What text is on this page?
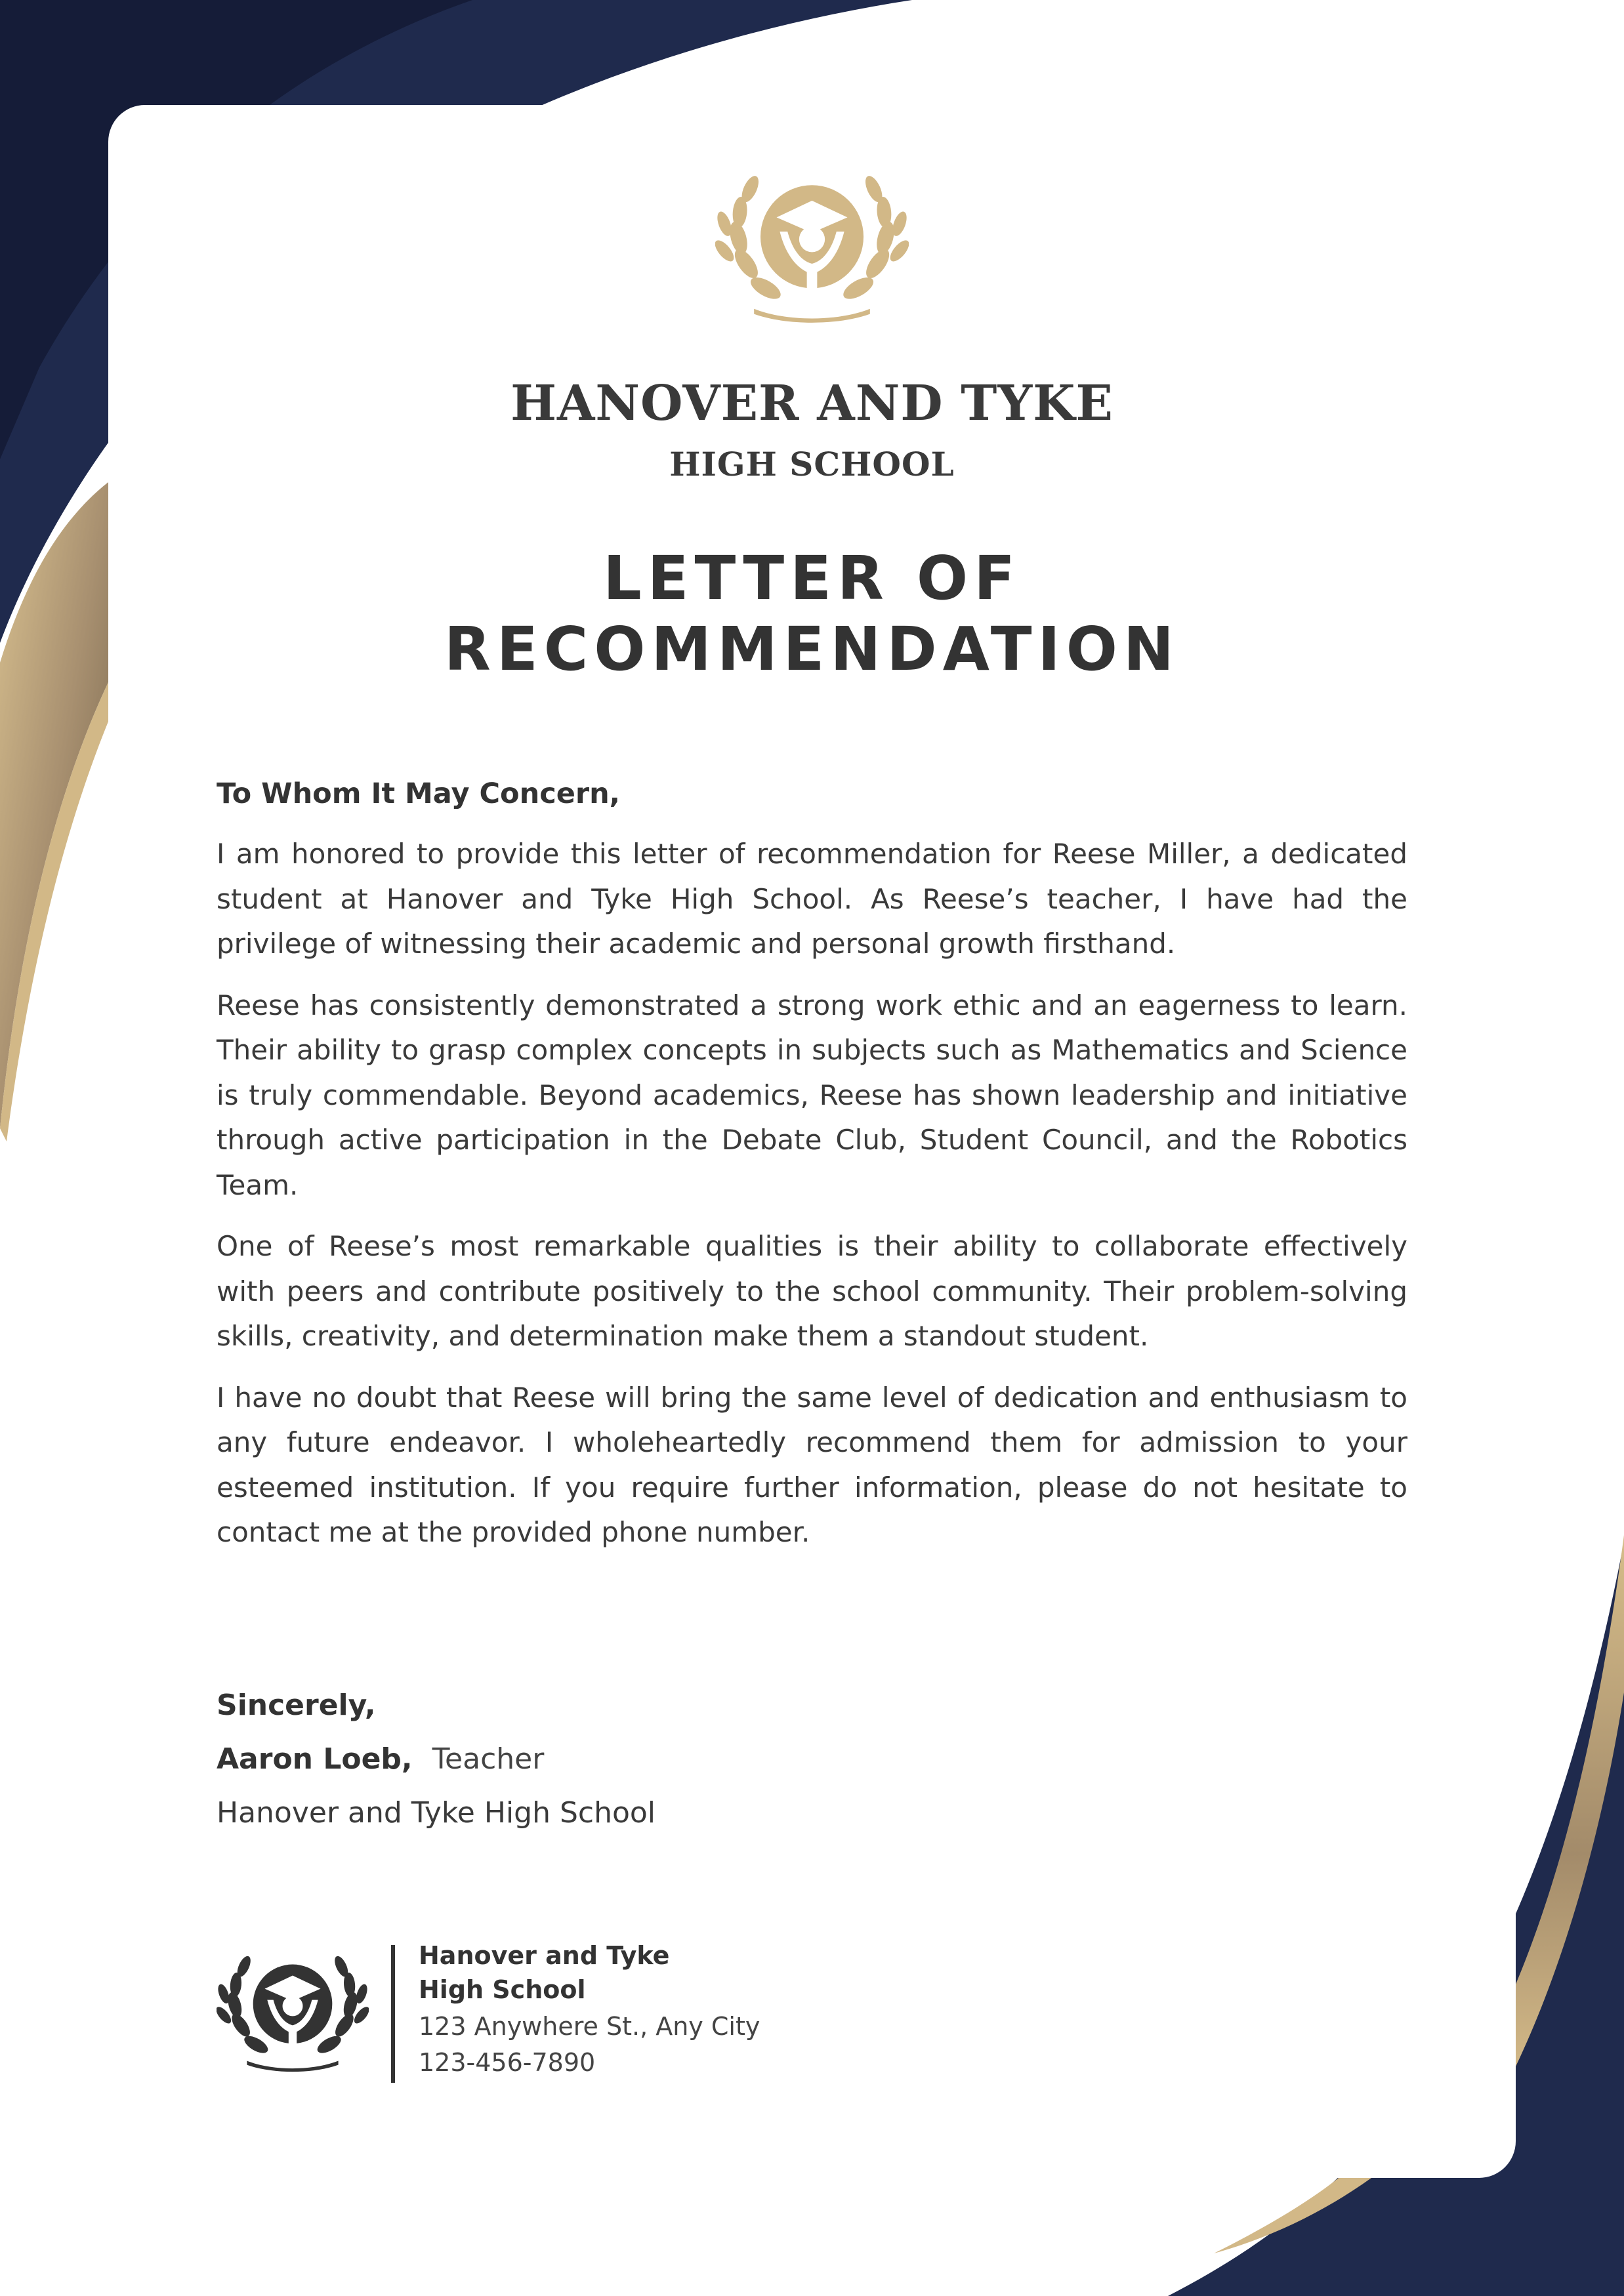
HANOVER AND TYKE
HIGH SCHOOL
LETTER OF
RECOMMENDATION

To Whom It May Concern,

I am honored to provide this letter of recommendation for Reese Miller, a dedicated student at Hanover and Tyke High School. As Reese’s teacher, I have had the privilege of witnessing their academic and personal growth firsthand.

Reese has consistently demonstrated a strong work ethic and an eagerness to learn. Their ability to grasp complex concepts in subjects such as Mathematics and Science is truly commendable. Beyond academics, Reese has shown leadership and initiative through active participation in the Debate Club, Student Council, and the Robotics Team.

One of Reese’s most remarkable qualities is their ability to collaborate effectively with peers and contribute positively to the school community. Their problem-solving skills, creativity, and determination make them a standout student.

I have no doubt that Reese will bring the same level of dedication and enthusiasm to any future endeavor. I wholeheartedly recommend them for admission to your esteemed institution. If you require further information, please do not hesitate to contact me at the provided phone number.

Sincerely,

Aaron Loeb, Teacher

Hanover and Tyke High School

Hanover and Tyke

High School

123 Anywhere St., Any City

123-456-7890
